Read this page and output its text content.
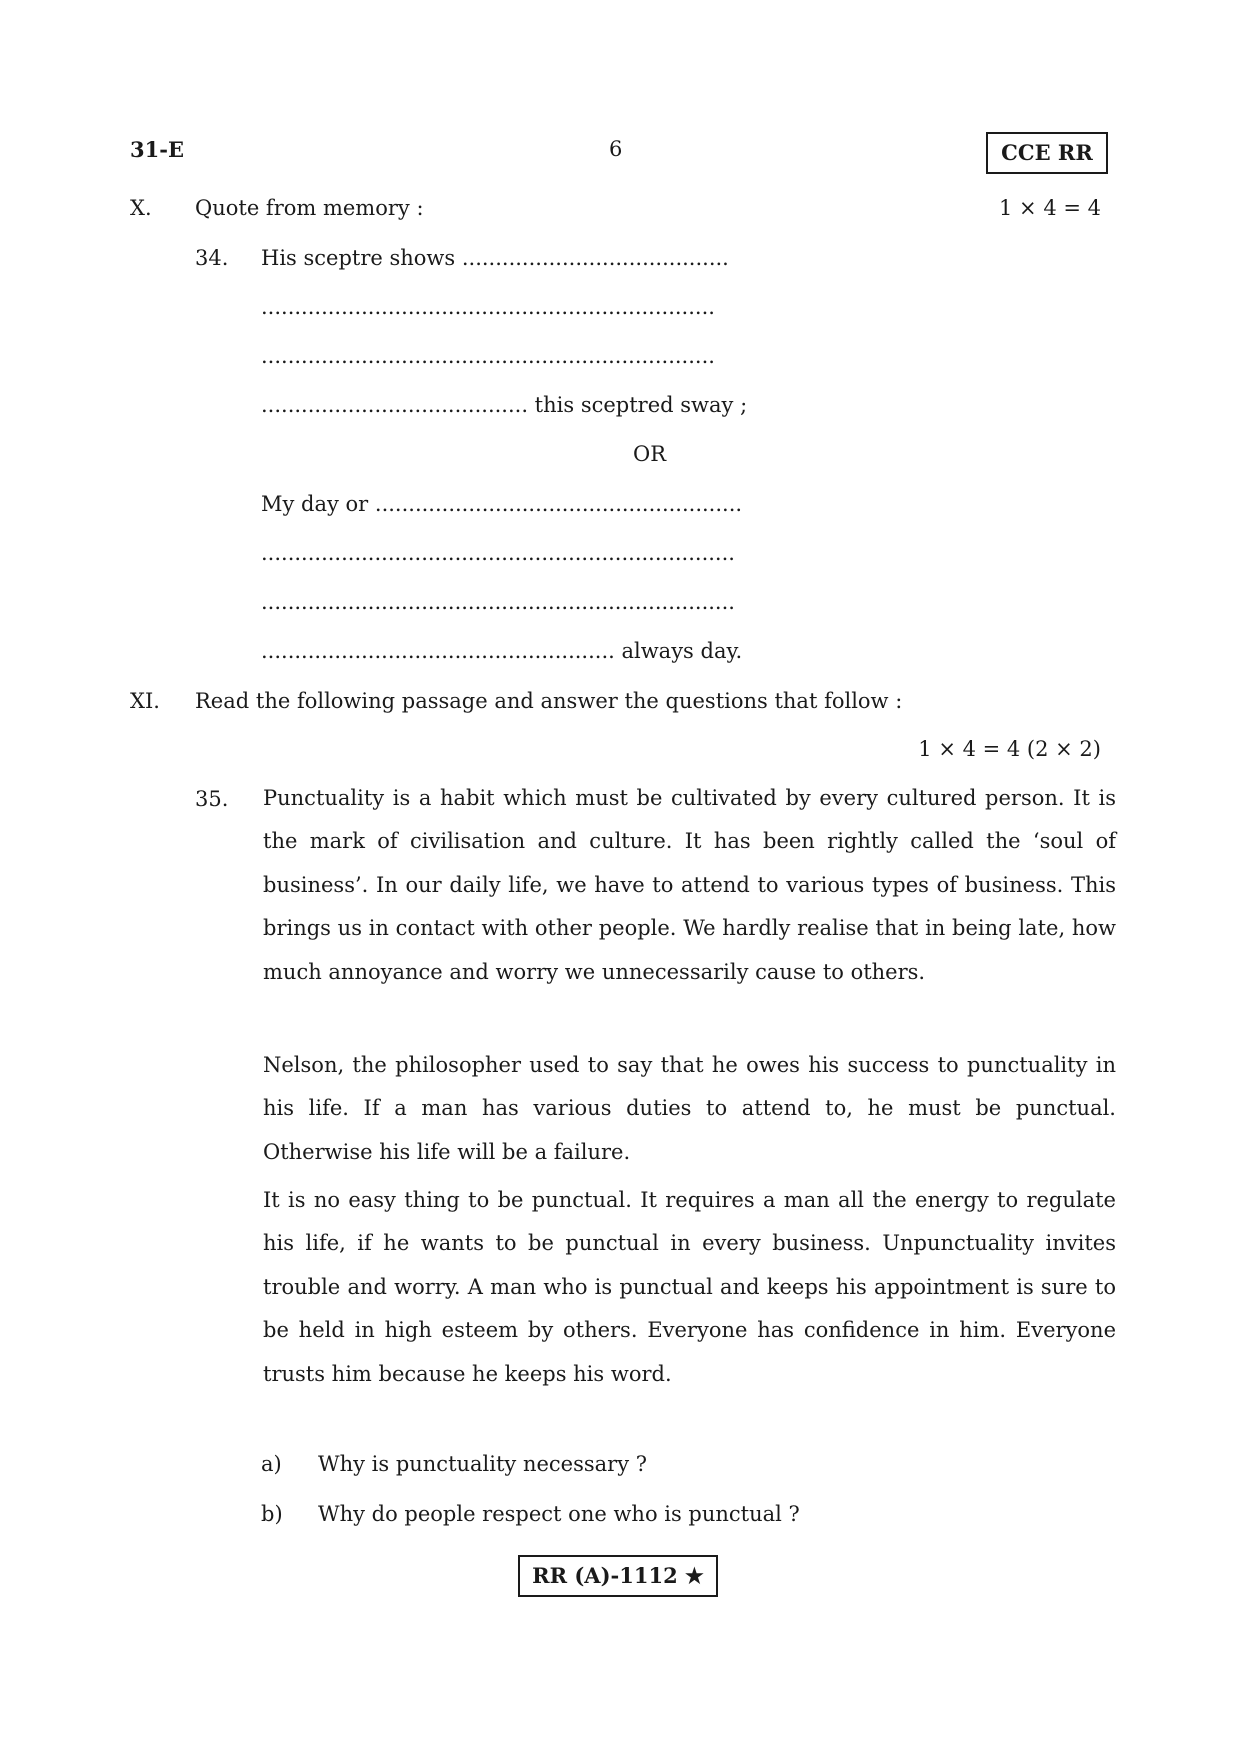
31-E	6	CCE RR
X. Quote from memory :	1 × 4 = 4
34. His sceptre shows ........................................
....................................................................
....................................................................
........................................ this sceptred sway ;
OR
My day or .......................................................
.......................................................................
.......................................................................
..................................................... always day.
XI. Read the following passage and answer the questions that follow :
1 × 4 = 4 (2 × 2)
35. Punctuality is a habit which must be cultivated by every cultured person. It is the mark of civilisation and culture. It has been rightly called the ‘soul of business’. In our daily life, we have to attend to various types of business. This brings us in contact with other people. We hardly realise that in being late, how much annoyance and worry we unnecessarily cause to others.
Nelson, the philosopher used to say that he owes his success to punctuality in his life. If a man has various duties to attend to, he must be punctual. Otherwise his life will be a failure.
It is no easy thing to be punctual. It requires a man all the energy to regulate his life, if he wants to be punctual in every business. Unpunctuality invites trouble and worry. A man who is punctual and keeps his appointment is sure to be held in high esteem by others. Everyone has confidence in him. Everyone trusts him because he keeps his word.
a) Why is punctuality necessary ?
b) Why do people respect one who is punctual ?
RR (A)-1112 ★
